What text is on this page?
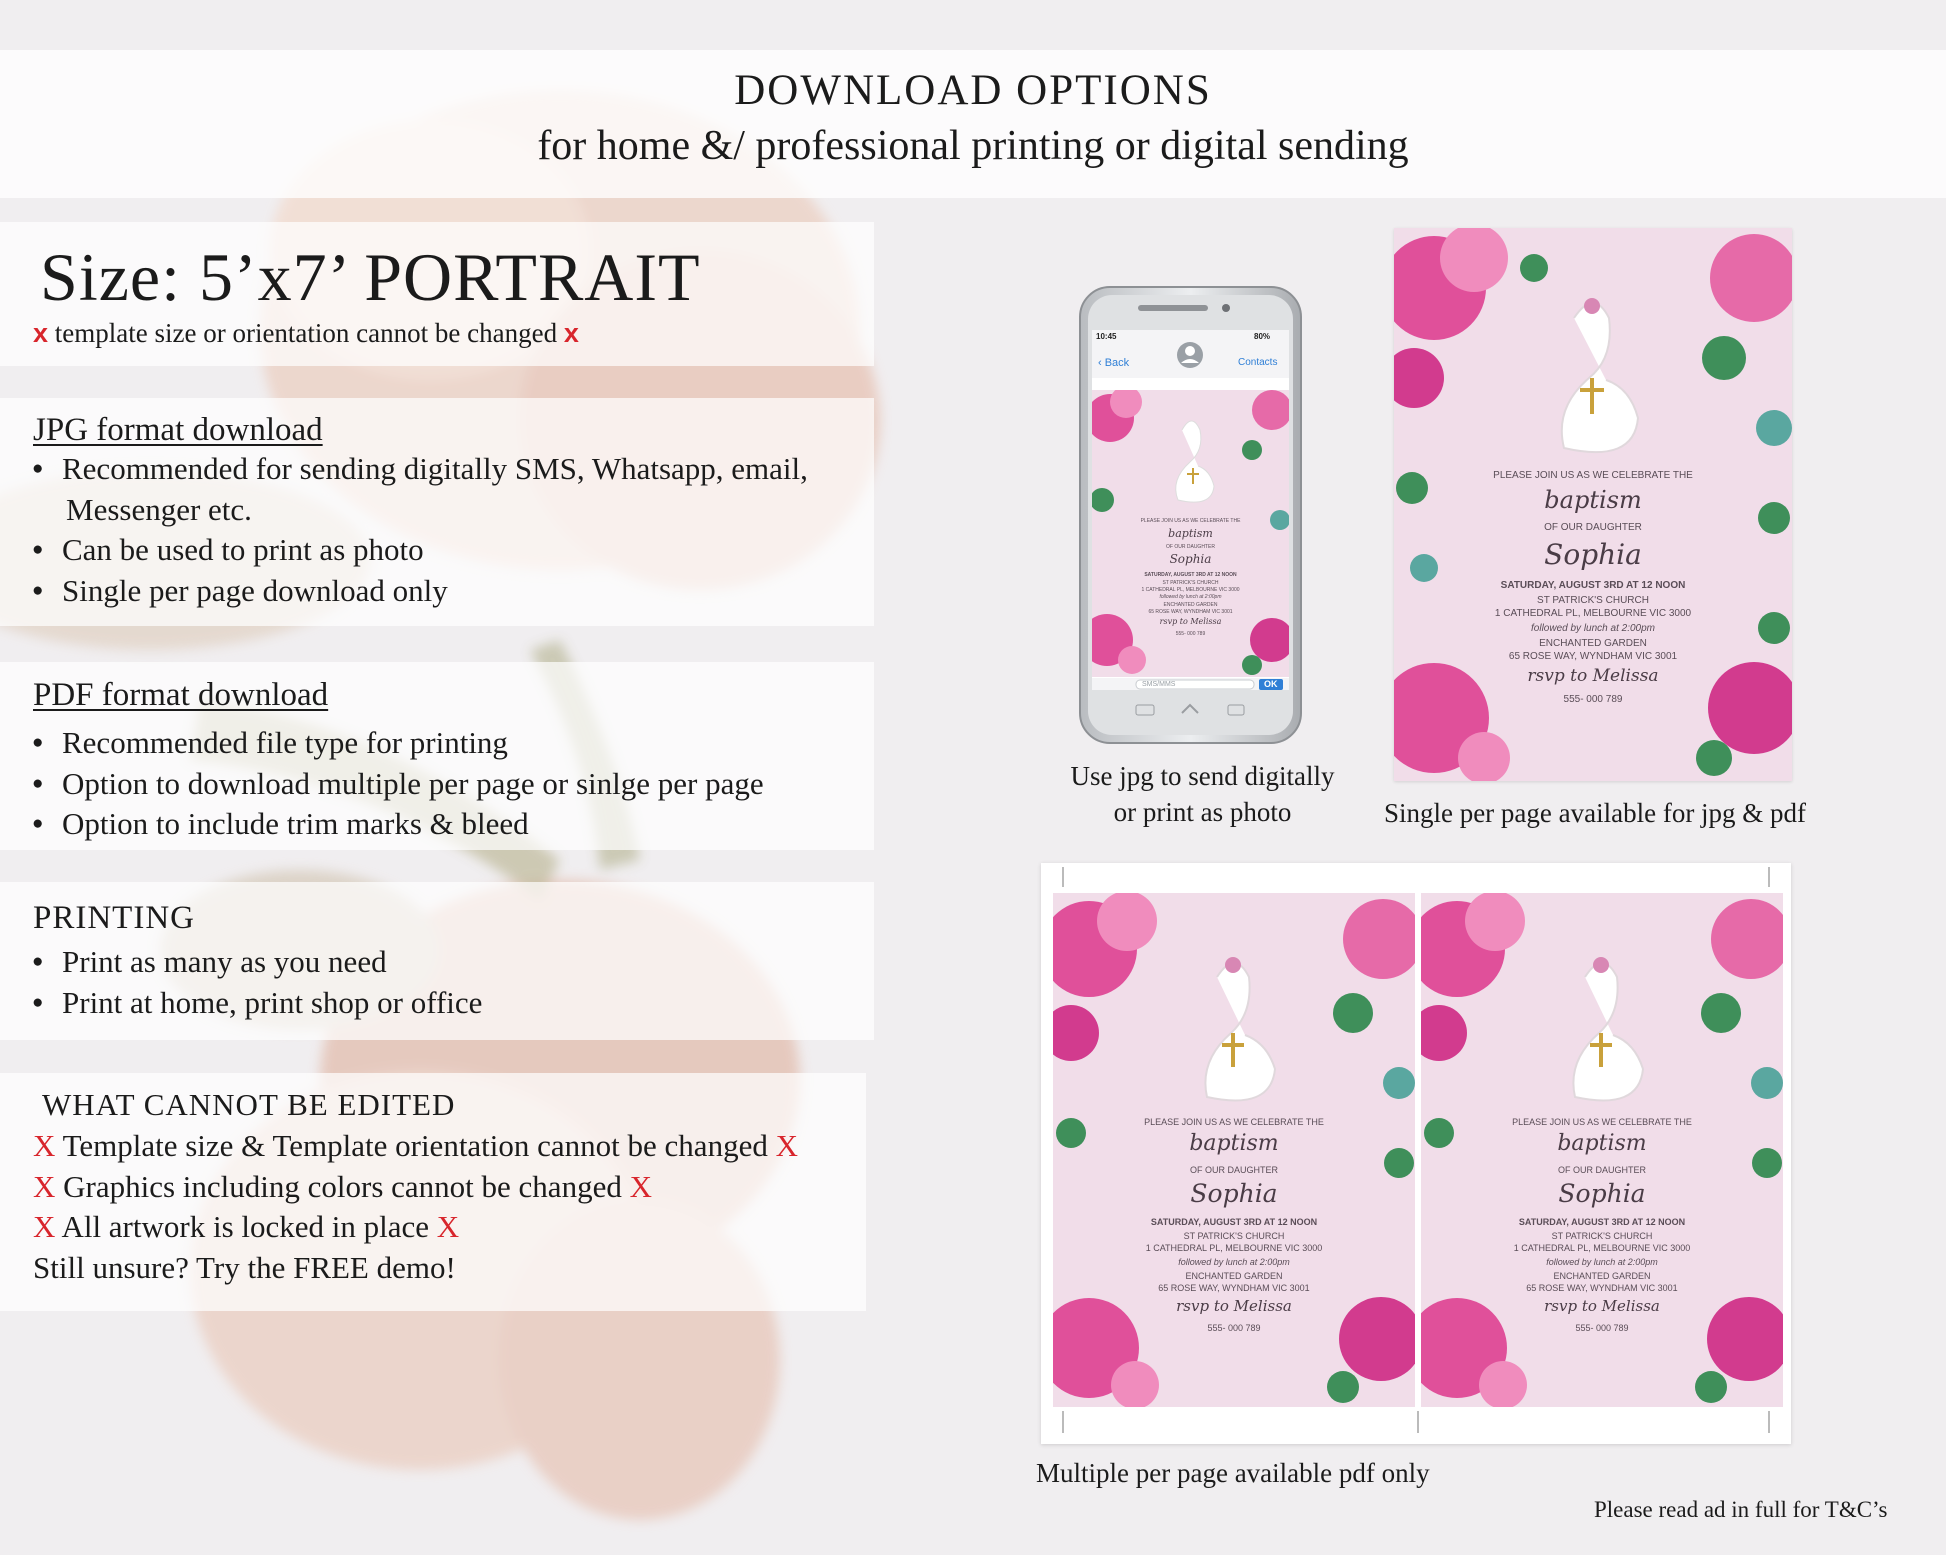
DOWNLOAD OPTIONS
for home &/ professional printing or digital sending
Size: 5’x7’ PORTRAIT
x template size or orientation cannot be changed x
JPG format download
● Recommended for sending digitally SMS, Whatsapp, email,
Messenger etc.
● Can be used to print as photo
● Single per page download only
PDF format download
● Recommended file type for printing
● Option to download multiple per page or sinlge per page
● Option to include trim marks & bleed
PRINTING
● Print as many as you need
● Print at home, print shop or office
WHAT CANNOT BE EDITED
X Template size & Template orientation cannot be changed X
X Graphics including colors cannot be changed X
X All artwork is locked in place X
Still unsure? Try the FREE demo!
10:45	80%
‹ Back	Contacts
SMS/MMS	OK
PLEASE JOIN US AS WE CELEBRATE THE
baptism
OF OUR DAUGHTER
Sophia
SATURDAY, AUGUST 3RD AT 12 NOON
ST PATRICK'S CHURCH
1 CATHEDRAL PL, MELBOURNE VIC 3000
followed by lunch at 2:00pm
ENCHANTED GARDEN
65 ROSE WAY, WYNDHAM VIC 3001
rsvp to Melissa
555- 000 789
Use jpg to send digitally
or print as photo
PLEASE JOIN US AS WE CELEBRATE THE
baptism
OF OUR DAUGHTER
Sophia
SATURDAY, AUGUST 3RD AT 12 NOON
ST PATRICK'S CHURCH
1 CATHEDRAL PL, MELBOURNE VIC 3000
followed by lunch at 2:00pm
ENCHANTED GARDEN
65 ROSE WAY, WYNDHAM VIC 3001
rsvp to Melissa
555- 000 789
Single per page available for jpg & pdf
PLEASE JOIN US AS WE CELEBRATE THE
baptism
OF OUR DAUGHTER
Sophia
SATURDAY, AUGUST 3RD AT 12 NOON
ST PATRICK'S CHURCH
1 CATHEDRAL PL, MELBOURNE VIC 3000
followed by lunch at 2:00pm
ENCHANTED GARDEN
65 ROSE WAY, WYNDHAM VIC 3001
rsvp to Melissa
555- 000 789
PLEASE JOIN US AS WE CELEBRATE THE
baptism
OF OUR DAUGHTER
Sophia
SATURDAY, AUGUST 3RD AT 12 NOON
ST PATRICK'S CHURCH
1 CATHEDRAL PL, MELBOURNE VIC 3000
followed by lunch at 2:00pm
ENCHANTED GARDEN
65 ROSE WAY, WYNDHAM VIC 3001
rsvp to Melissa
555- 000 789
Multiple per page available pdf only
Please read ad in full for T&C’s
